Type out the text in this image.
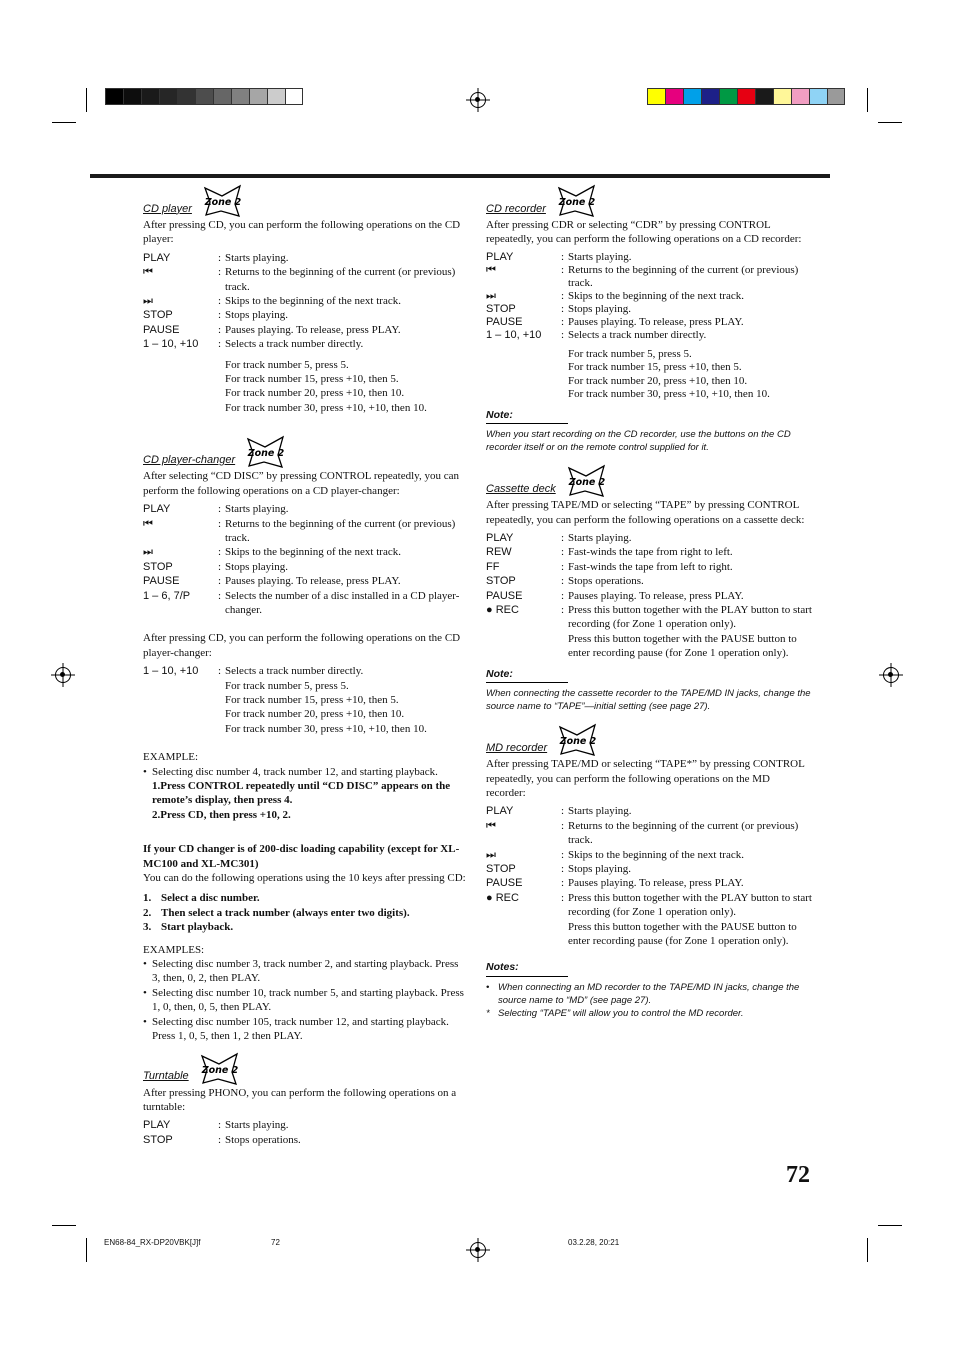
CD player
Zone 2

After pressing CD, you can perform the following operations on the CD player:

PLAY	: Starts playing.
⏮	: Returns to the beginning of the current (or previous) track.
⏭	: Skips to the beginning of the next track.
STOP	: Stops playing.
PAUSE	: Pauses playing. To release, press PLAY.
1 – 10, +10	: Selects a track number directly.

For track number 5, press 5.

For track number 15, press +10, then 5.

For track number 20, press +10, then 10.

For track number 30, press +10, +10, then 10.

CD player-changer
Zone 2

After selecting “CD DISC” by pressing CONTROL repeatedly, you can perform the following operations on a CD player-changer:

PLAY	: Starts playing.
⏮	: Returns to the beginning of the current (or previous) track.
⏭	: Skips to the beginning of the next track.
STOP	: Stops playing.
PAUSE	: Pauses playing. To release, press PLAY.
1 – 6, 7/P	: Selects the number of a disc installed in a CD player-changer.

After pressing CD, you can perform the following operations on the CD player-changer:

1 – 10, +10	: Selects a track number directly.

For track number 5, press 5.

For track number 15, press +10, then 5.

For track number 20, press +10, then 10.

For track number 30, press +10, +10, then 10.

EXAMPLE:

• Selecting disc number 4, track number 12, and starting playback.

1.Press CONTROL repeatedly until “CD DISC” appears on the remote’s display, then press 4.

2.Press CD, then press +10, 2.

If your CD changer is of 200-disc loading capability (except for XL-MC100 and XL-MC301)

You can do the following operations using the 10 keys after pressing CD:

1. Select a disc number.
2. Then select a track number (always enter two digits).
3. Start playback.

EXAMPLES:

• Selecting disc number 3, track number 2, and starting playback. Press 3, then, 0, 2, then PLAY.
• Selecting disc number 10, track number 5, and starting playback. Press 1, 0, then, 0, 5, then PLAY.
• Selecting disc number 105, track number 12, and starting playback. Press 1, 0, 5, then 1, 2 then PLAY.
Turntable
Zone 2

After pressing PHONO, you can perform the following operations on a turntable:

PLAY	: Starts playing.
STOP	: Stops operations.
CD recorder
Zone 2

After pressing CDR or selecting “CDR” by pressing CONTROL repeatedly, you can perform the following operations on a CD recorder:

PLAY	: Starts playing.
⏮	: Returns to the beginning of the current (or previous) track.
⏭	: Skips to the beginning of the next track.
STOP	: Stops playing.
PAUSE	: Pauses playing. To release, press PLAY.
1 – 10, +10	: Selects a track number directly.

For track number 5, press 5.

For track number 15, press +10, then 5.

For track number 20, press +10, then 10.

For track number 30, press +10, +10, then 10.

Note:

When you start recording on the CD recorder, use the buttons on the CD recorder itself or on the remote control supplied for it.

Cassette deck
Zone 2

After pressing TAPE/MD or selecting “TAPE” by pressing CONTROL repeatedly, you can perform the following operations on a cassette deck:

PLAY	: Starts playing.
REW	: Fast-winds the tape from right to left.
FF	: Fast-winds the tape from left to right.
STOP	: Stops operations.
PAUSE	: Pauses playing. To release, press PLAY.
● REC	: Press this button together with the PLAY button to start recording (for Zone 1 operation only).

Press this button together with the PAUSE button to enter recording pause (for Zone 1 operation only).

Note:

When connecting the cassette recorder to the TAPE/MD IN jacks, change the source name to “TAPE”—initial setting (see page 27).

MD recorder
Zone 2

After pressing TAPE/MD or selecting “TAPE*” by pressing CONTROL repeatedly, you can perform the following operations on the MD recorder:

PLAY	: Starts playing.
⏮	: Returns to the beginning of the current (or previous) track.
⏭	: Skips to the beginning of the next track.
STOP	: Stops playing.
PAUSE	: Pauses playing. To release, press PLAY.
● REC	: Press this button together with the PLAY button to start recording (for Zone 1 operation only).

Press this button together with the PAUSE button to enter recording pause (for Zone 1 operation only).

Notes:
• When connecting an MD recorder to the TAPE/MD IN jacks, change the source name to “MD” (see page 27).
* Selecting “TAPE” will allow you to control the MD recorder.
72
EN68-84_RX-DP20VBK[J]f	72	03.2.28, 20:21
